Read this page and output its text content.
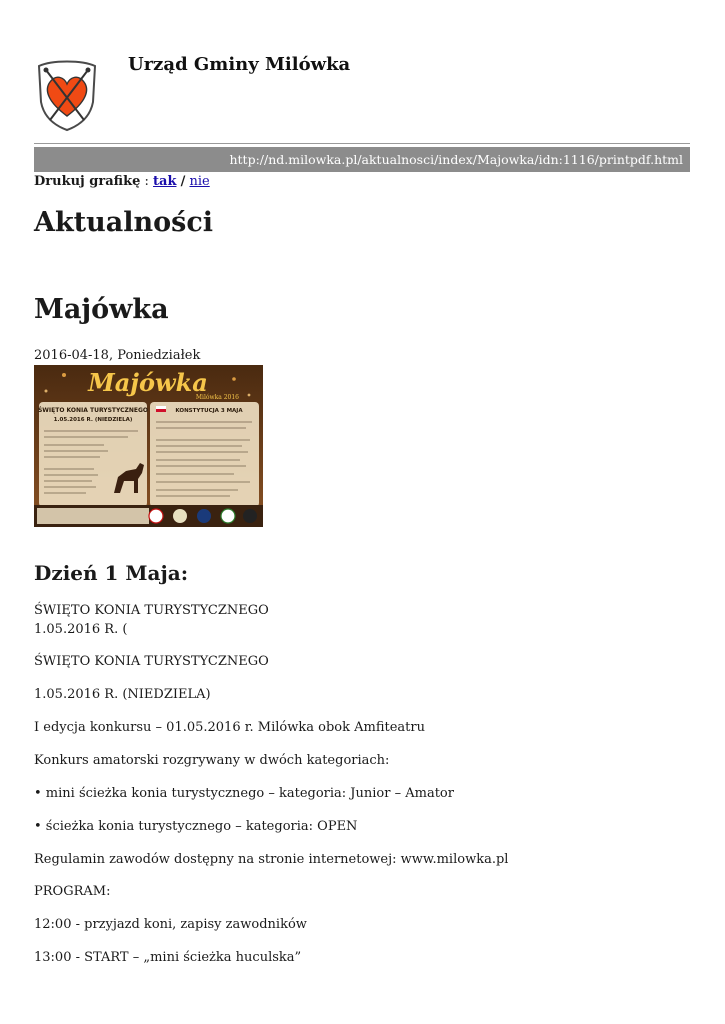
Urząd Gminy Milówka
http://nd.milowka.pl/aktualnosci/index/Majowka/idn:1116/printpdf.html
Drukuj grafikę : tak / nie
Aktualności
Majówka
2016-04-18, Poniedziałek
Majówka
Milówka 2016
ŚWIĘTO KONIA TURYSTYCZNEGO
1.05.2016 R. (NIEDZIELA)
KONSTYTUCJA 3 MAJA
Dzień 1 Maja:
ŚWIĘTO KONIA TURYSTYCZNEGO
1.05.2016 R. (
ŚWIĘTO KONIA TURYSTYCZNEGO
1.05.2016 R. (NIEDZIELA)
I edycja konkursu – 01.05.2016 r. Milówka obok Amfiteatru
Konkurs amatorski rozgrywany w dwóch kategoriach:
• mini ścieżka konia turystycznego – kategoria: Junior – Amator
• ścieżka konia turystycznego – kategoria: OPEN
Regulamin zawodów dostępny na stronie internetowej: www.milowka.pl
PROGRAM:
12:00 - przyjazd koni, zapisy zawodników
13:00 - START – „mini ścieżka huculska”
